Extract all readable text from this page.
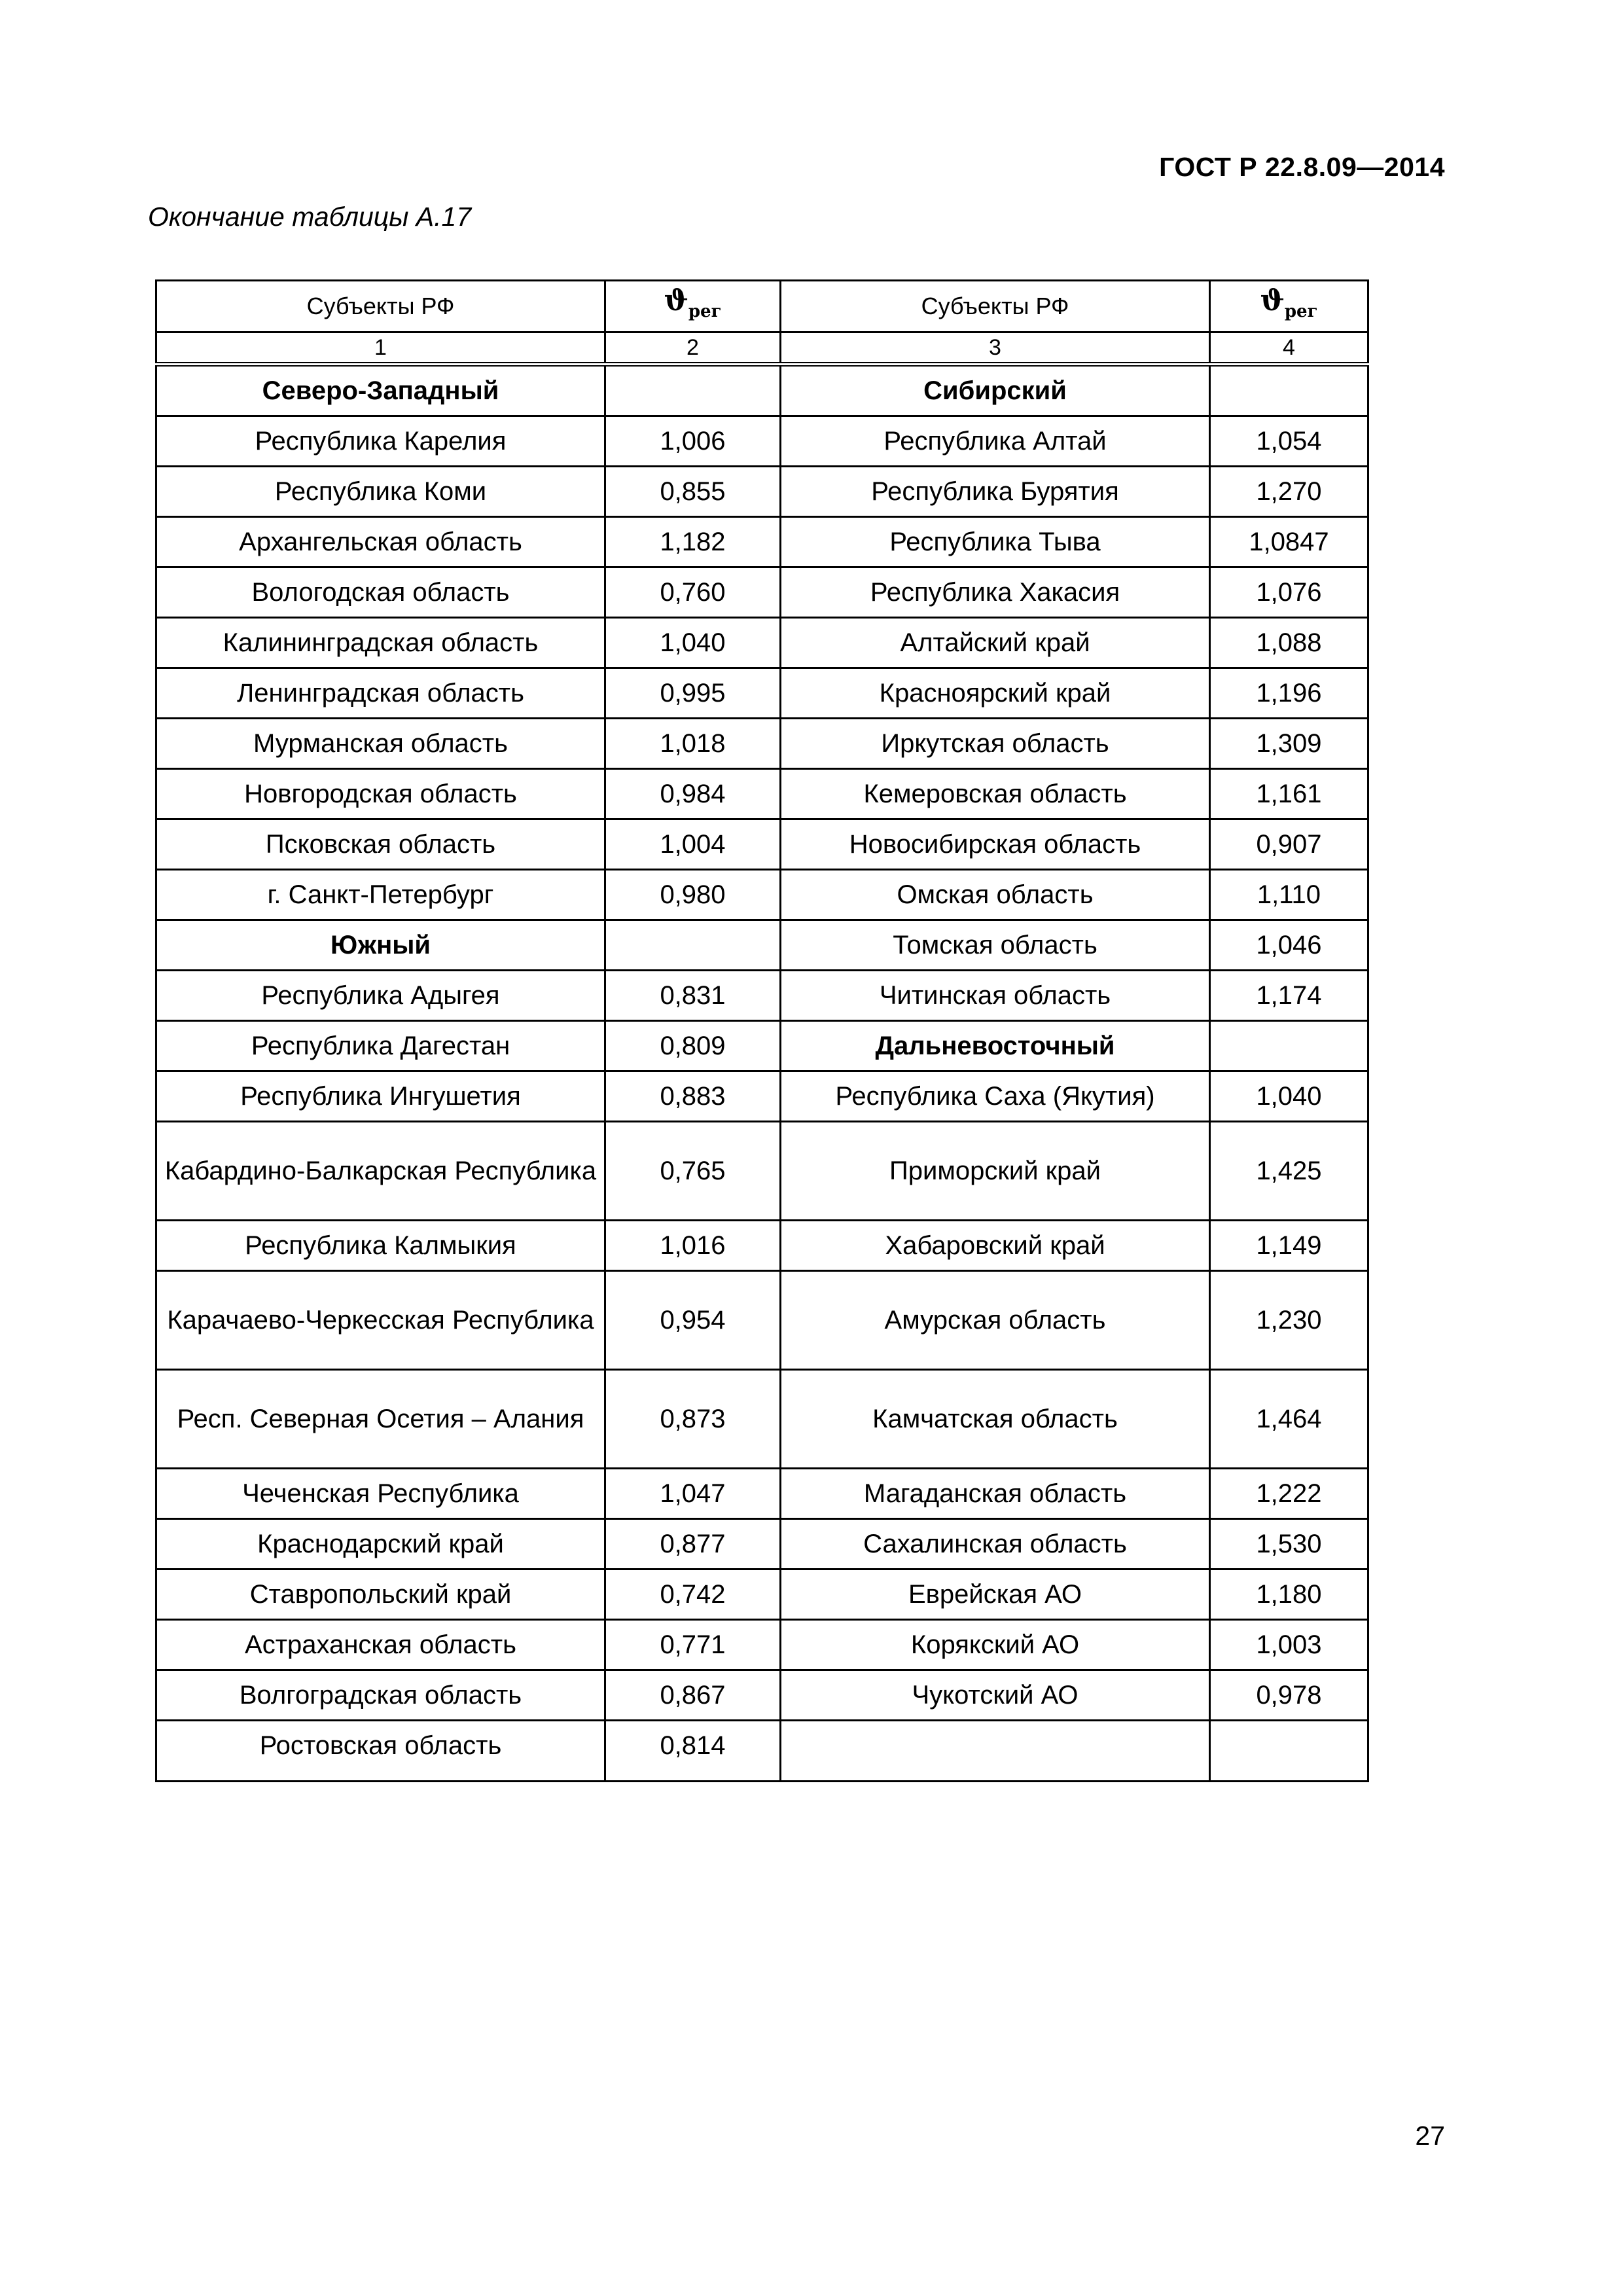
ГОСТ Р 22.8.09—2014
Окончание таблицы А.17
Субъекты РФ	$ϑ_{рег}$	Субъекты РФ	$ϑ_{рег}$
1	2	3	4
Северо-Западный		Сибирский	
Республика Карелия	1,006	Республика Алтай	1,054
Республика Коми	0,855	Республика Бурятия	1,270
Архангельская область	1,182	Республика Тыва	1,0847
Вологодская область	0,760	Республика Хакасия	1,076
Калининградская область	1,040	Алтайский край	1,088
Ленинградская область	0,995	Красноярский край	1,196
Мурманская область	1,018	Иркутская область	1,309
Новгородская область	0,984	Кемеровская область	1,161
Псковская область	1,004	Новосибирская область	0,907
г. Санкт-Петербург	0,980	Омская область	1,110
Южный		Томская область	1,046
Республика Адыгея	0,831	Читинская область	1,174
Республика Дагестан	0,809	Дальневосточный	
Республика Ингушетия	0,883	Республика Саха (Якутия)	1,040
Кабардино-Балкарская Республика	0,765	Приморский край	1,425
Республика Калмыкия	1,016	Хабаровский край	1,149
Карачаево-Черкесская Республика	0,954	Амурская область	1,230
Респ. Северная Осетия – Алания	0,873	Камчатская область	1,464
Чеченская Республика	1,047	Магаданская область	1,222
Краснодарский край	0,877	Сахалинская область	1,530
Ставропольский край	0,742	Еврейская АО	1,180
Астраханская область	0,771	Корякский АО	1,003
Волгоградская область	0,867	Чукотский АО	0,978
Ростовская область	0,814		
27
